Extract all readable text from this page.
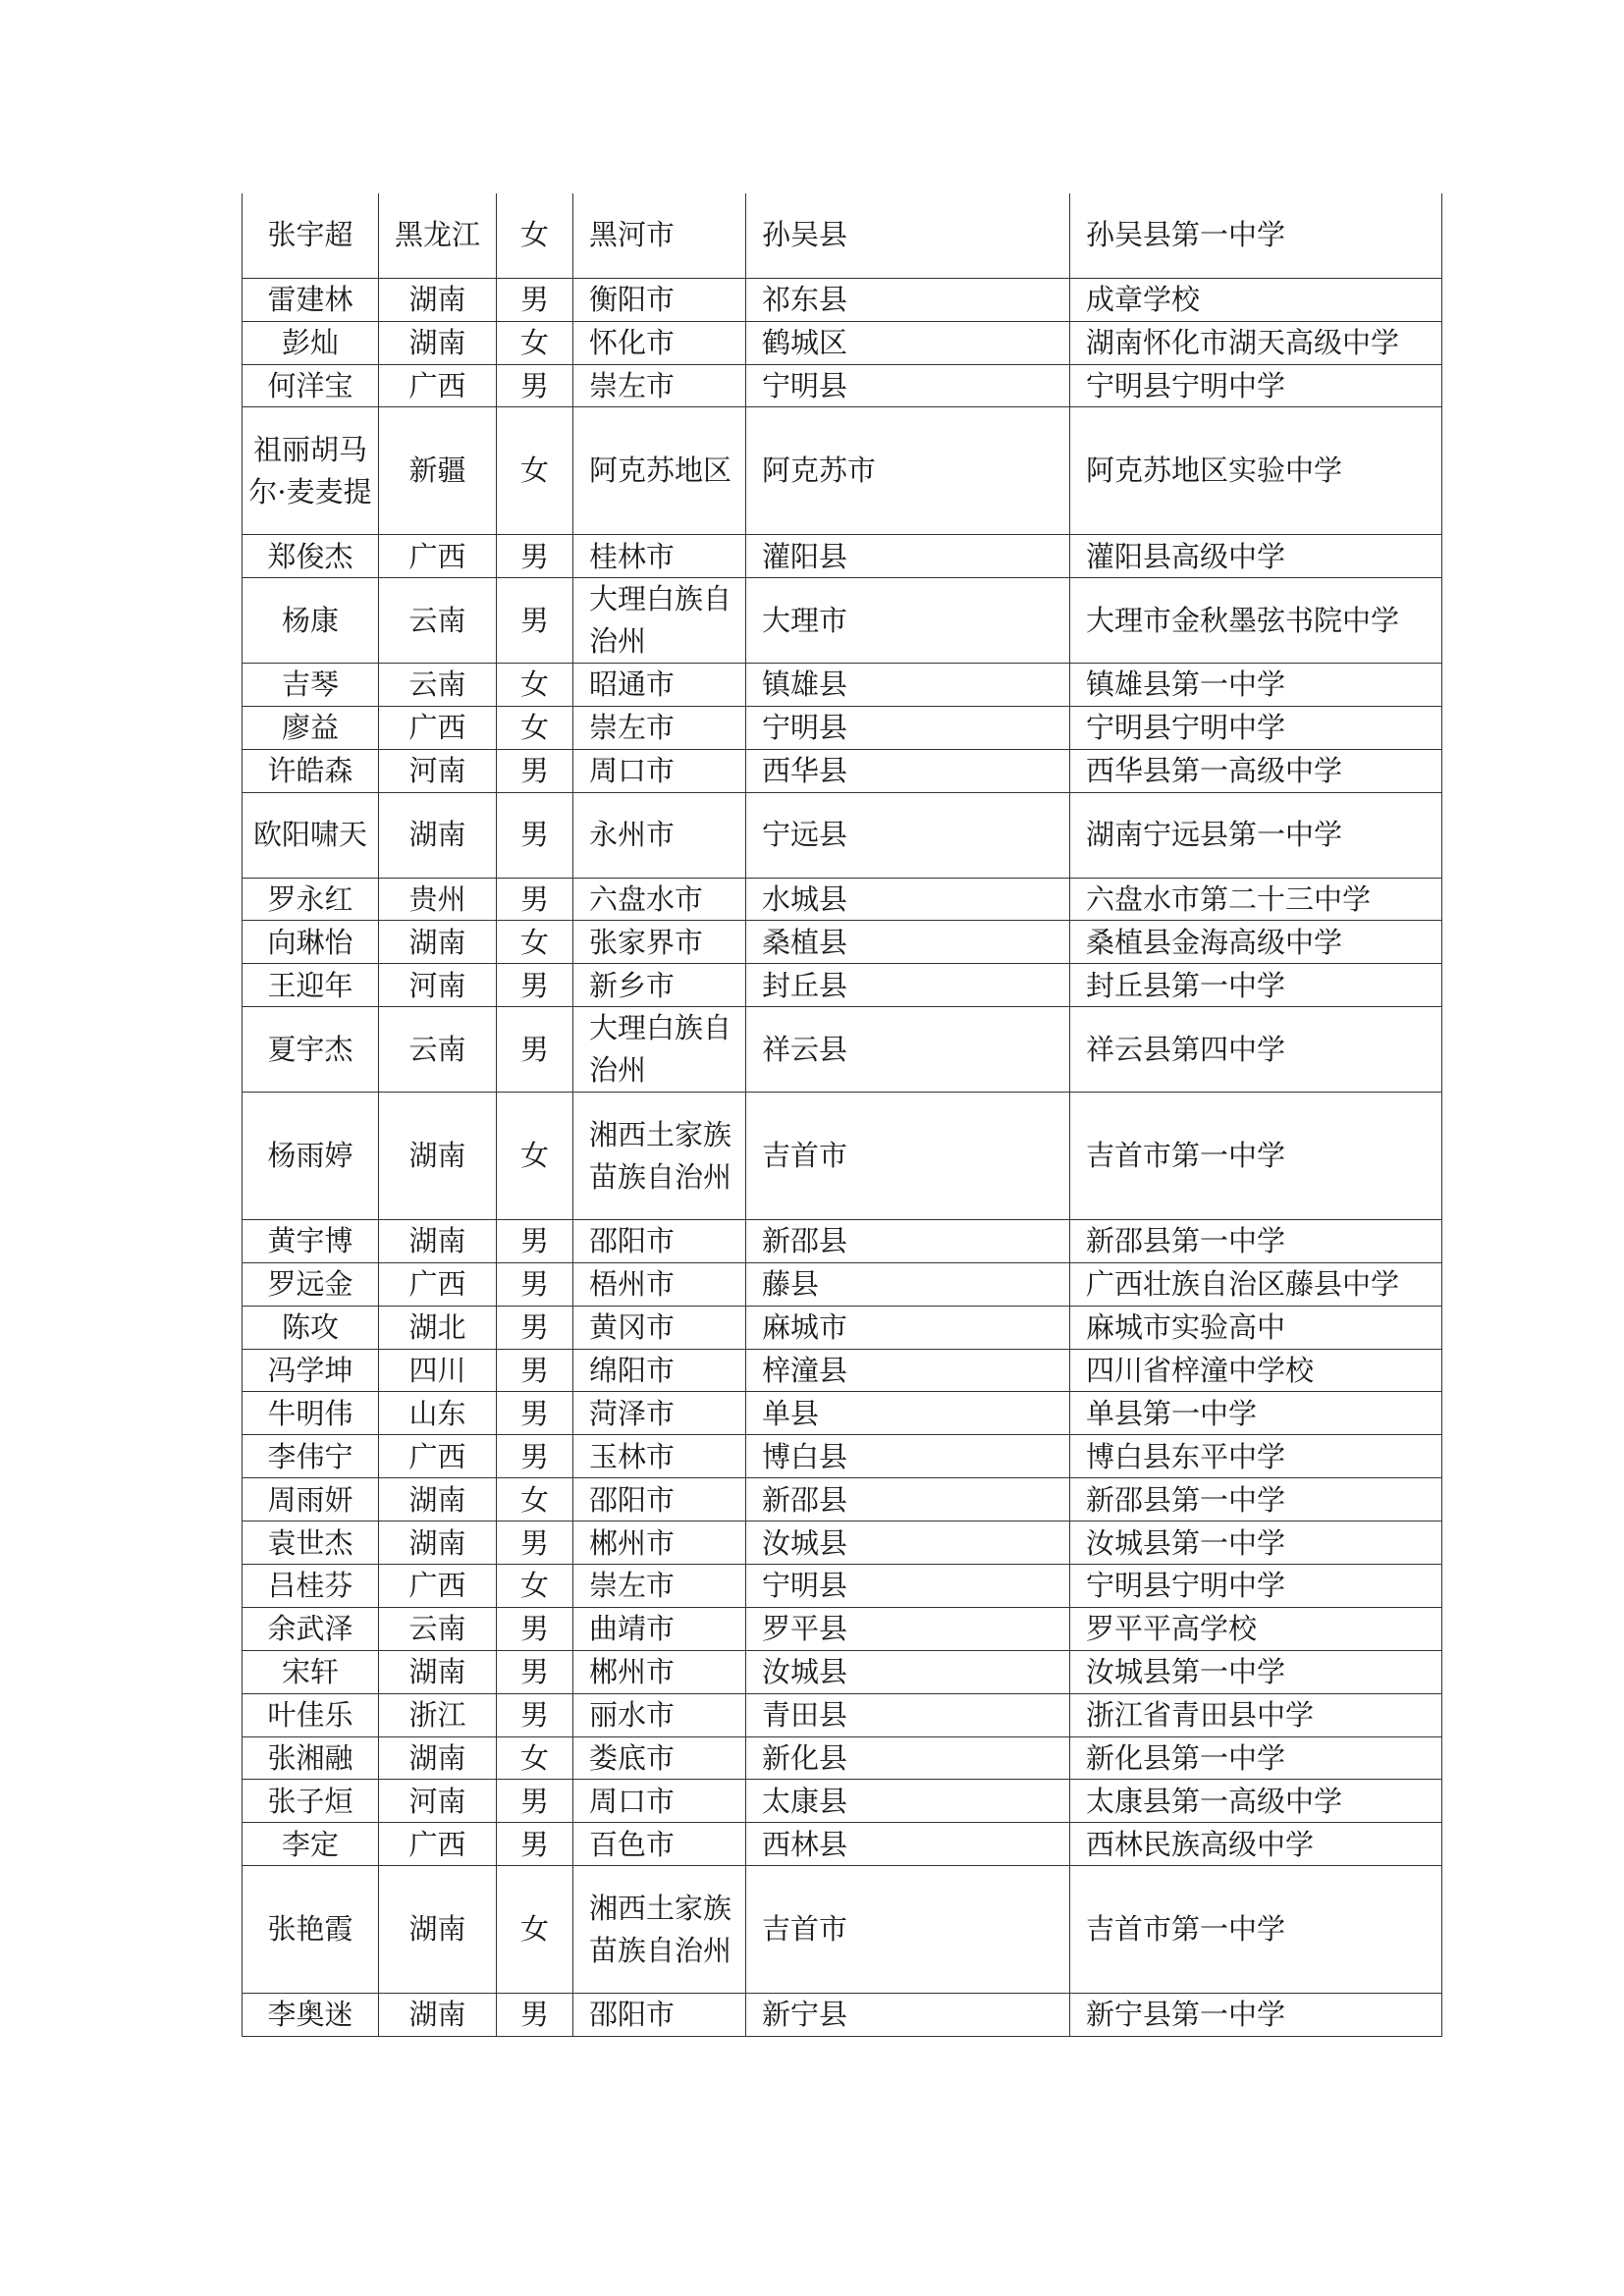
张宇超	黑龙江	女	黑河市	孙吴县	孙吴县第一中学
雷建林	湖南	男	衡阳市	祁东县	成章学校
彭灿	湖南	女	怀化市	鹤城区	湖南怀化市湖天高级中学
何洋宝	广西	男	崇左市	宁明县	宁明县宁明中学
祖丽胡马尔·麦麦提	新疆	女	阿克苏地区	阿克苏市	阿克苏地区实验中学
郑俊杰	广西	男	桂林市	灌阳县	灌阳县高级中学
杨康	云南	男	大理白族自治州	大理市	大理市金秋墨弦书院中学
吉琴	云南	女	昭通市	镇雄县	镇雄县第一中学
廖益	广西	女	崇左市	宁明县	宁明县宁明中学
许皓森	河南	男	周口市	西华县	西华县第一高级中学
欧阳啸天	湖南	男	永州市	宁远县	湖南宁远县第一中学
罗永红	贵州	男	六盘水市	水城县	六盘水市第二十三中学
向琳怡	湖南	女	张家界市	桑植县	桑植县金海高级中学
王迎年	河南	男	新乡市	封丘县	封丘县第一中学
夏宇杰	云南	男	大理白族自治州	祥云县	祥云县第四中学
杨雨婷	湖南	女	湘西土家族苗族自治州	吉首市	吉首市第一中学
黄宇博	湖南	男	邵阳市	新邵县	新邵县第一中学
罗远金	广西	男	梧州市	藤县	广西壮族自治区藤县中学
陈攻	湖北	男	黄冈市	麻城市	麻城市实验高中
冯学坤	四川	男	绵阳市	梓潼县	四川省梓潼中学校
牛明伟	山东	男	菏泽市	单县	单县第一中学
李伟宁	广西	男	玉林市	博白县	博白县东平中学
周雨妍	湖南	女	邵阳市	新邵县	新邵县第一中学
袁世杰	湖南	男	郴州市	汝城县	汝城县第一中学
吕桂芬	广西	女	崇左市	宁明县	宁明县宁明中学
余武泽	云南	男	曲靖市	罗平县	罗平平高学校
宋轩	湖南	男	郴州市	汝城县	汝城县第一中学
叶佳乐	浙江	男	丽水市	青田县	浙江省青田县中学
张湘融	湖南	女	娄底市	新化县	新化县第一中学
张子烜	河南	男	周口市	太康县	太康县第一高级中学
李定	广西	男	百色市	西林县	西林民族高级中学
张艳霞	湖南	女	湘西土家族苗族自治州	吉首市	吉首市第一中学
李奥迷	湖南	男	邵阳市	新宁县	新宁县第一中学
